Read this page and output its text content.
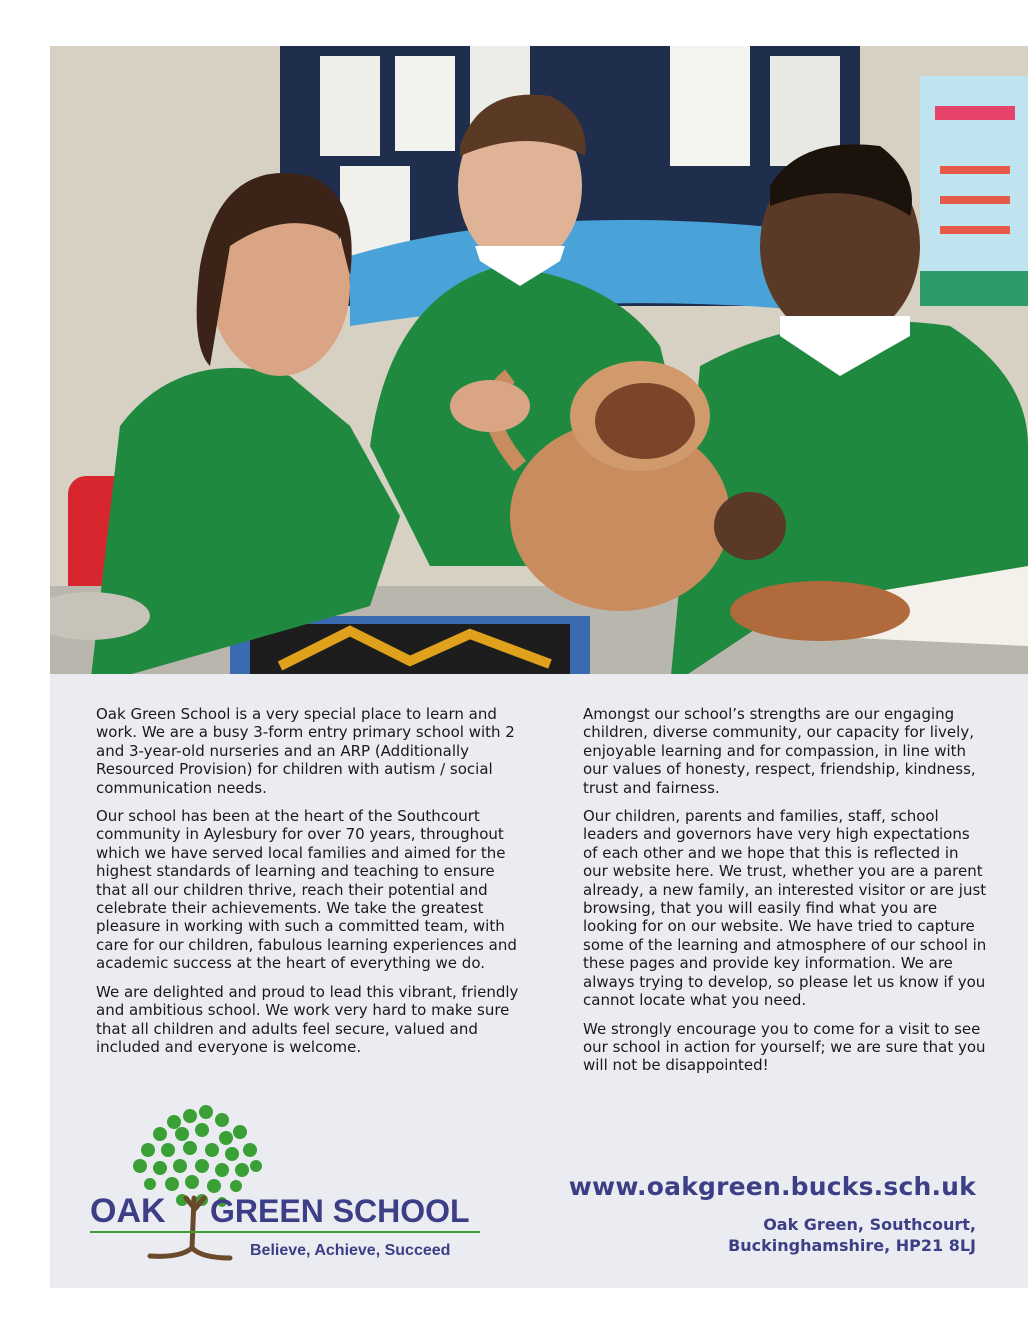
Oak Green School is a very special place to learn and work. We are a busy 3-form entry primary school with 2 and 3-year-old nurseries and an ARP (Additionally Resourced Provision) for children with autism / social communication needs.

Our school has been at the heart of the Southcourt community in Aylesbury for over 70 years, throughout which we have served local families and aimed for the highest standards of learning and teaching to ensure that all our children thrive, reach their potential and celebrate their achievements. We take the greatest pleasure in working with such a committed team, with care for our children, fabulous learning experiences and academic success at the heart of everything we do.

We are delighted and proud to lead this vibrant, friendly and ambitious school. We work very hard to make sure that all children and adults feel secure, valued and included and everyone is welcome.

Amongst our school’s strengths are our engaging children, diverse community, our capacity for lively, enjoyable learning and for compassion, in line with our values of honesty, respect, friendship, kindness, trust and fairness.

Our children, parents and families, staff, school leaders and governors have very high expectations of each other and we hope that this is reflected in our website here. We trust, whether you are a parent already, a new family, an interested visitor or are just browsing, that you will easily find what you are looking for on our website. We have tried to capture some of the learning and atmosphere of our school in these pages and provide key information. We are always trying to develop, so please let us know if you cannot locate what you need.

We strongly encourage you to come for a visit to see our school in action for yourself; we are sure that you will not be disappointed!

OAK GREEN SCHOOL
Believe, Achieve, Succeed
www.oakgreen.bucks.sch.uk
Oak Green, Southcourt,
Buckinghamshire, HP21 8LJ
